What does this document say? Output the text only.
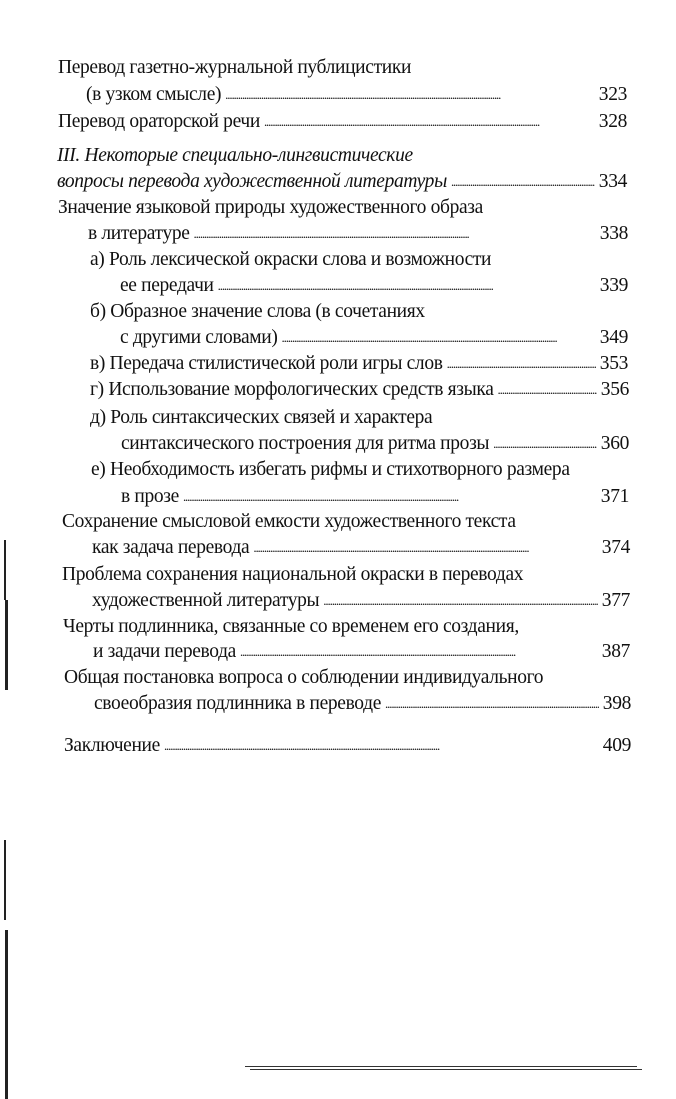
Перевод газетно-журнальной публицистики
(в узком смысле) . . .	323
Перевод ораторской речи . . .	328
III. Некоторые специально-лингвистические
вопросы перевода художественной литературы . . .	334
Значение языковой природы художественного образа
в литературе . . .	338
а) Роль лексической окраски слова и возможности
ее передачи . . .	339
б) Образное значение слова (в сочетаниях
с другими словами) . . .	349
в) Передача стилистической роли игры слов . . .	353
г) Использование морфологических средств языка . . .	356
д) Роль синтаксических связей и характера
синтаксического построения для ритма прозы . . .	360
е) Необходимость избегать рифмы и стихотворного размера
в прозе . . .	371
Сохранение смысловой емкости художественного текста
как задача перевода . . .	374
Проблема сохранения национальной окраски в переводах
художественной литературы . . .	377
Черты подлинника, связанные со временем его создания,
и задачи перевода . . .	387
Общая постановка вопроса о соблюдении индивидуального
своеобразия подлинника в переводе . . .	398
Заключение . . .	409
